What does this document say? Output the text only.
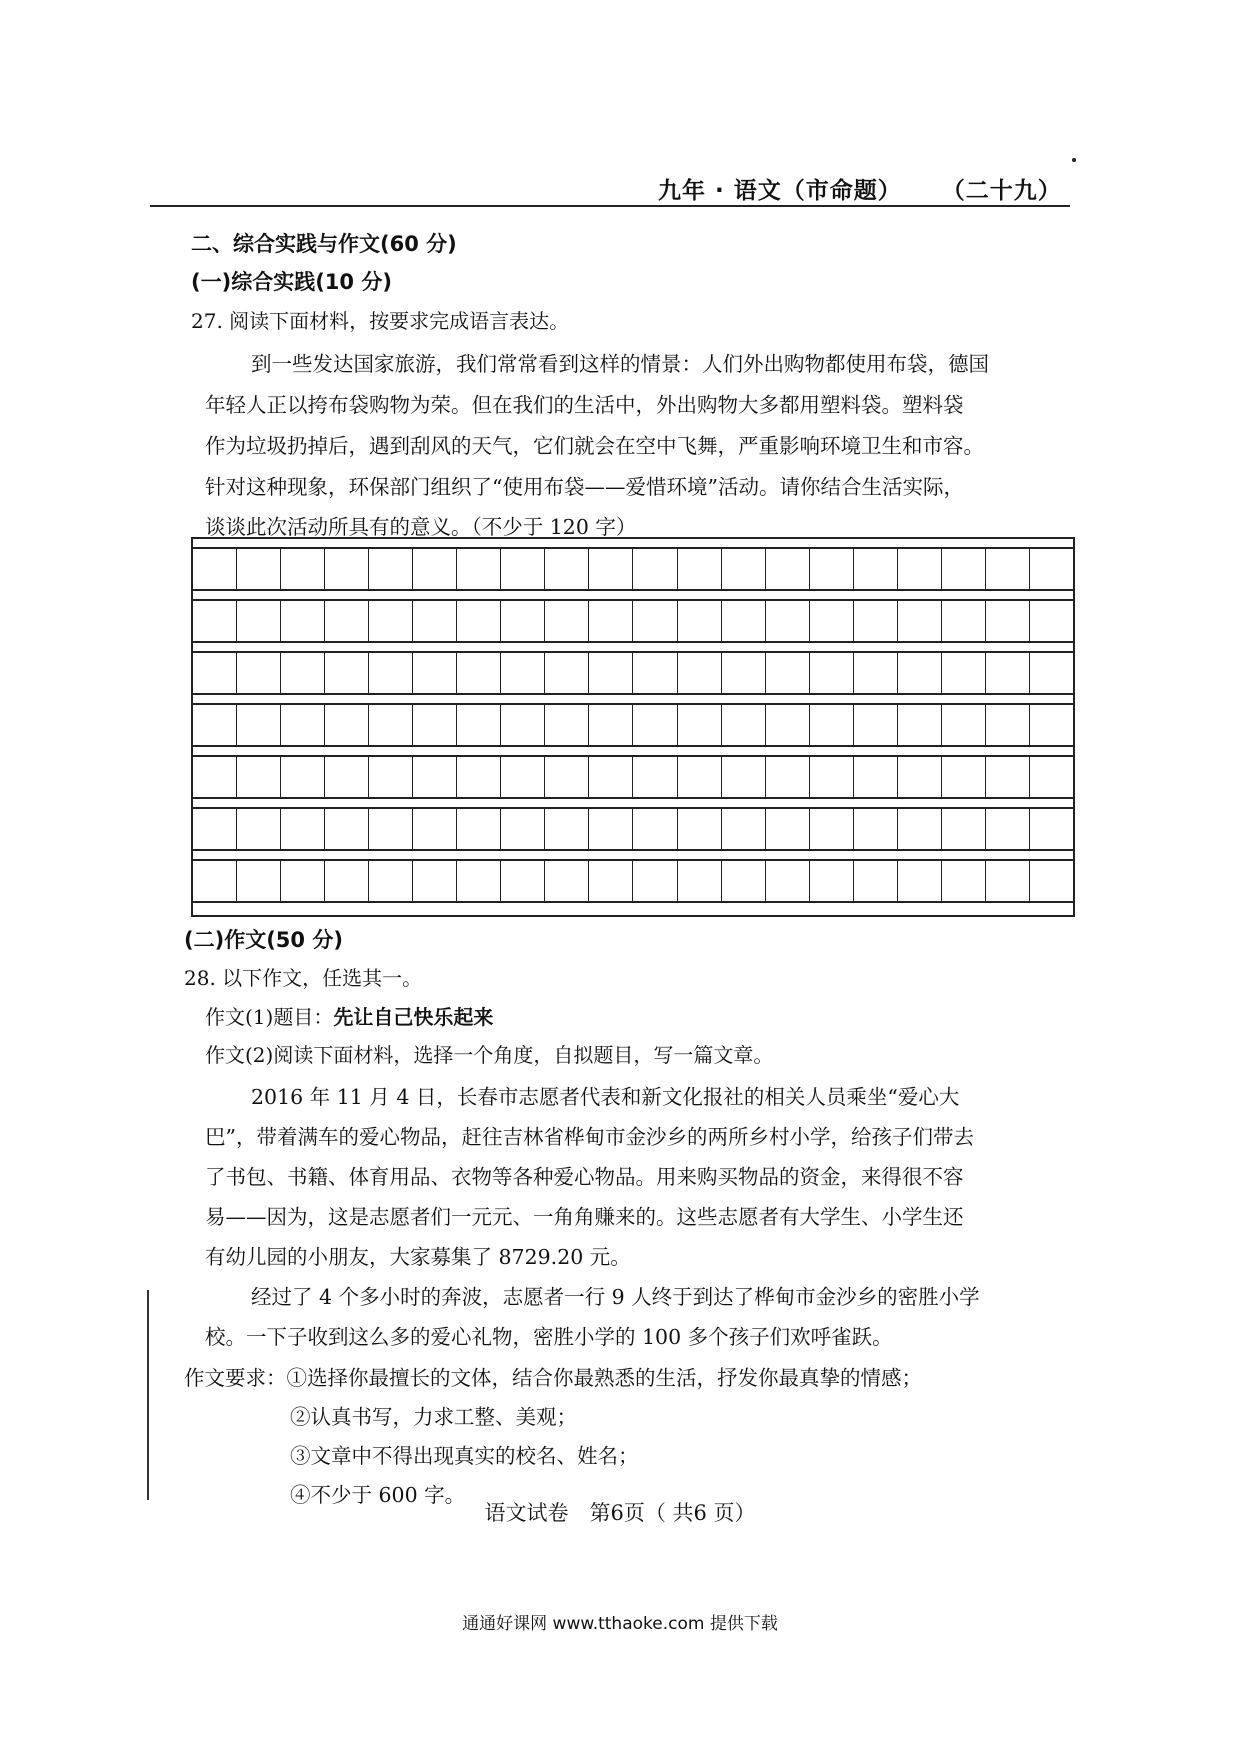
九年 · 语文（市命题） （二十九）
二、综合实践与作文(60 分)
(一)综合实践(10 分)
27. 阅读下面材料，按要求完成语言表达。
到一些发达国家旅游，我们常常看到这样的情景：人们外出购物都使用布袋，德国
年轻人正以挎布袋购物为荣。但在我们的生活中，外出购物大多都用塑料袋。塑料袋
作为垃圾扔掉后，遇到刮风的天气，它们就会在空中飞舞，严重影响环境卫生和市容。
针对这种现象，环保部门组织了“使用布袋——爱惜环境”活动。请你结合生活实际，
谈谈此次活动所具有的意义。（不少于 120 字）
(二)作文(50 分)
28. 以下作文，任选其一。
作文(1)题目：先让自己快乐起来
作文(2)阅读下面材料，选择一个角度，自拟题目，写一篇文章。
2016 年 11 月 4 日，长春市志愿者代表和新文化报社的相关人员乘坐“爱心大
巴”，带着满车的爱心物品，赶往吉林省桦甸市金沙乡的两所乡村小学，给孩子们带去
了书包、书籍、体育用品、衣物等各种爱心物品。用来购买物品的资金，来得很不容
易——因为，这是志愿者们一元元、一角角赚来的。这些志愿者有大学生、小学生还
有幼儿园的小朋友，大家募集了 8729.20 元。
经过了 4 个多小时的奔波，志愿者一行 9 人终于到达了桦甸市金沙乡的密胜小学
校。一下子收到这么多的爱心礼物，密胜小学的 100 多个孩子们欢呼雀跃。
作文要求：①选择你最擅长的文体，结合你最熟悉的生活，抒发你最真挚的情感；
②认真书写，力求工整、美观；
③文章中不得出现真实的校名、姓名；
④不少于 600 字。
语文试卷　第6页（ 共6 页）
通通好课网 www.tthaoke.com 提供下载
